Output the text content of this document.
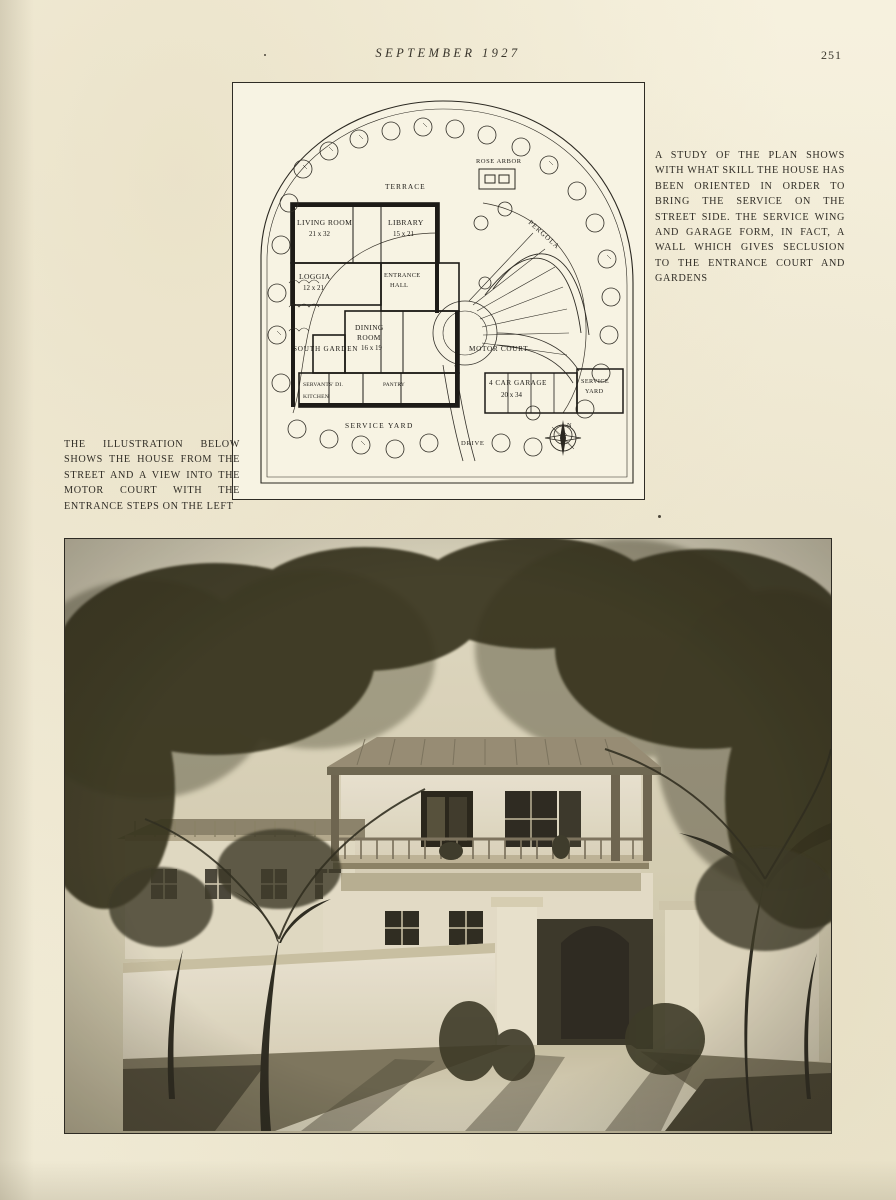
SEPTEMBER 1927	251
LIVING ROOM
21 x 32
LIBRARY
15 x 21
LOGGIA
12 x 21
ENTRANCE
HALL
DINING
ROOM
16 x 19
SERVANTS' DI.
KITCHEN
PANTRY
SERVICE YARD
TERRACE
ROSE ARBOR
PERGOLA
SOUTH GARDEN	MOTOR COURT
4 CAR GARAGE
20 x 34
SERVICE
YARD
DRIVE
N
A STUDY OF THE PLAN SHOWS WITH WHAT SKILL THE HOUSE HAS BEEN ORIENTED IN ORDER TO BRING THE SERVICE ON THE STREET SIDE. THE SERVICE WING AND GARAGE FORM, IN FACT, A WALL WHICH GIVES SECLUSION TO THE ENTRANCE COURT AND GARDENS
THE ILLUSTRATION BELOW SHOWS THE HOUSE FROM THE STREET AND A VIEW INTO THE MOTOR COURT WITH THE ENTRANCE STEPS ON THE LEFT
